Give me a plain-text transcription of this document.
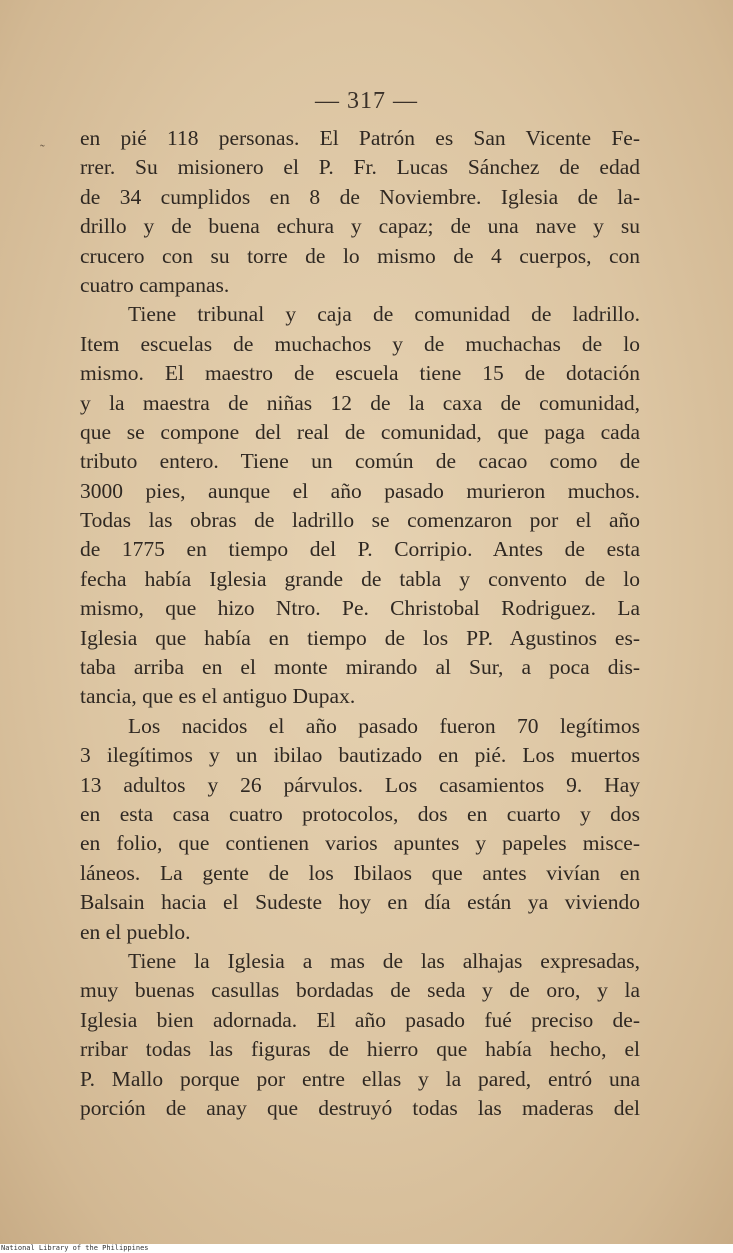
— 317 —
˜
en pié 118 personas. El Patrón es San Vicente Fe-
rrer. Su misionero el P. Fr. Lucas Sánchez de edad
de 34 cumplidos en 8 de Noviembre. Iglesia de la-
drillo y de buena echura y capaz; de una nave y su
crucero con su torre de lo mismo de 4 cuerpos, con
cuatro campanas.
Tiene tribunal y caja de comunidad de ladrillo.
Item escuelas de muchachos y de muchachas de lo
mismo. El maestro de escuela tiene 15 de dotación
y la maestra de niñas 12 de la caxa de comunidad,
que se compone del real de comunidad, que paga cada
tributo entero. Tiene un común de cacao como de
3000 pies, aunque el año pasado murieron muchos.
Todas las obras de ladrillo se comenzaron por el año
de 1775 en tiempo del P. Corripio. Antes de esta
fecha había Iglesia grande de tabla y convento de lo
mismo, que hizo Ntro. Pe. Christobal Rodriguez. La
Iglesia que había en tiempo de los PP. Agustinos es-
taba arriba en el monte mirando al Sur, a poca dis-
tancia, que es el antiguo Dupax.
Los nacidos el año pasado fueron 70 legítimos
3 ilegítimos y un ibilao bautizado en pié. Los muertos
13 adultos y 26 párvulos. Los casamientos 9. Hay
en esta casa cuatro protocolos, dos en cuarto y dos
en folio, que contienen varios apuntes y papeles misce-
láneos. La gente de los Ibilaos que antes vivían en
Balsain hacia el Sudeste hoy en día están ya viviendo
en el pueblo.
Tiene la Iglesia a mas de las alhajas expresadas,
muy buenas casullas bordadas de seda y de oro, y la
Iglesia bien adornada. El año pasado fué preciso de-
rribar todas las figuras de hierro que había hecho, el
P. Mallo porque por entre ellas y la pared, entró una
porción de anay que destruyó todas las maderas del
National Library of the Philippines
